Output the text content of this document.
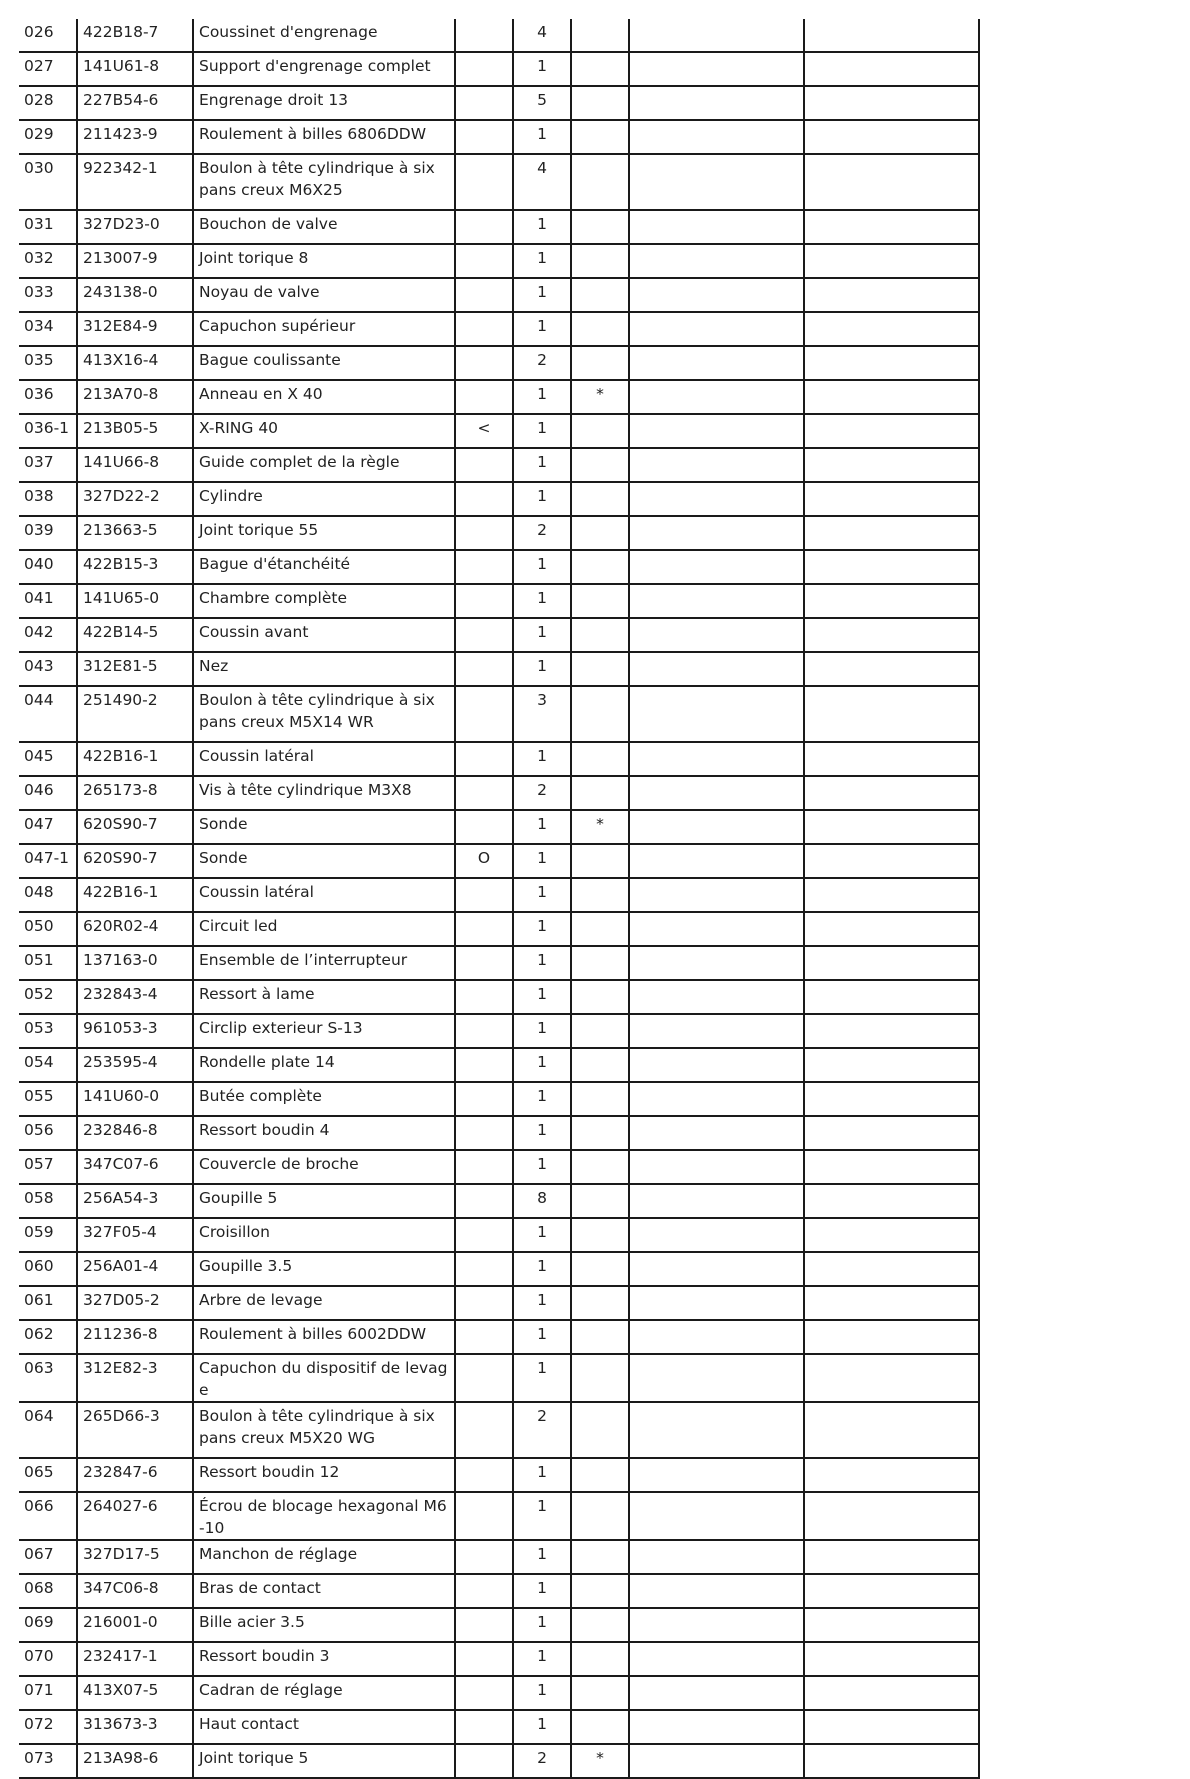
026	422B18-7	Coussinet d'engrenage		4			
027	141U61-8	Support d'engrenage complet		1			
028	227B54-6	Engrenage droit 13		5			
029	211423-9	Roulement à billes 6806DDW		1			
030	922342-1	Boulon à tête cylindrique à six pans creux M6X25		4			
031	327D23-0	Bouchon de valve		1			
032	213007-9	Joint torique 8		1			
033	243138-0	Noyau de valve		1			
034	312E84-9	Capuchon supérieur		1			
035	413X16-4	Bague coulissante		2			
036	213A70-8	Anneau en X 40		1	*		
036-1	213B05-5	X-RING 40	<	1			
037	141U66-8	Guide complet de la règle		1			
038	327D22-2	Cylindre		1			
039	213663-5	Joint torique 55		2			
040	422B15-3	Bague d'étanchéité		1			
041	141U65-0	Chambre complète		1			
042	422B14-5	Coussin avant		1			
043	312E81-5	Nez		1			
044	251490-2	Boulon à tête cylindrique à six pans creux M5X14 WR		3			
045	422B16-1	Coussin latéral		1			
046	265173-8	Vis à tête cylindrique M3X8		2			
047	620S90-7	Sonde		1	*		
047-1	620S90-7	Sonde	O	1			
048	422B16-1	Coussin latéral		1			
050	620R02-4	Circuit led		1			
051	137163-0	Ensemble de l’interrupteur		1			
052	232843-4	Ressort à lame		1			
053	961053-3	Circlip exterieur S-13		1			
054	253595-4	Rondelle plate 14		1			
055	141U60-0	Butée complète		1			
056	232846-8	Ressort boudin 4		1			
057	347C07-6	Couvercle de broche		1			
058	256A54-3	Goupille 5		8			
059	327F05-4	Croisillon		1			
060	256A01-4	Goupille 3.5		1			
061	327D05-2	Arbre de levage		1			
062	211236-8	Roulement à billes 6002DDW		1			
063	312E82-3	Capuchon du dispositif de levage		1			
064	265D66-3	Boulon à tête cylindrique à six pans creux M5X20 WG		2			
065	232847-6	Ressort boudin 12		1			
066	264027-6	Écrou de blocage hexagonal M6-10		1			
067	327D17-5	Manchon de réglage		1			
068	347C06-8	Bras de contact		1			
069	216001-0	Bille acier 3.5		1			
070	232417-1	Ressort boudin 3		1			
071	413X07-5	Cadran de réglage		1			
072	313673-3	Haut contact		1			
073	213A98-6	Joint torique 5		2	*		
